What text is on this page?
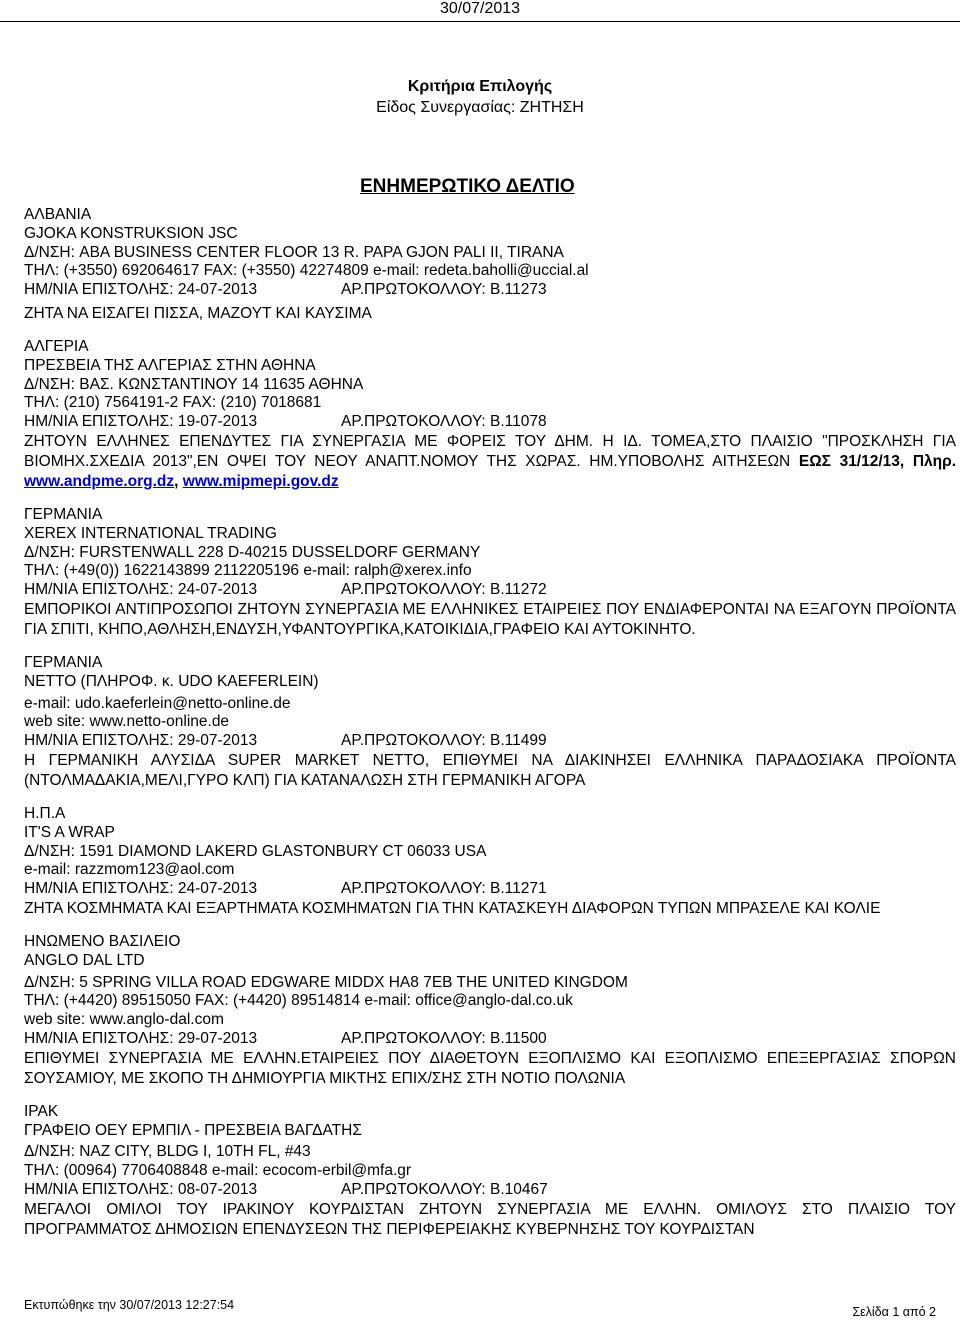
30/07/2013
Κριτήρια Επιλογής
Είδος Συνεργασίας: ΖΗΤΗΣΗ
ΕΝΗΜΕΡΩΤΙΚΟ ΔΕΛΤΙΟ
ΑΛΒΑΝΙΑ
GJOKA KONSTRUKSION JSC
Δ/ΝΣΗ: ABA BUSINESS CENTER FLOOR 13 R. PAPA GJON PALI II, TIRANA
ΤΗΛ: (+3550) 692064617 FAX: (+3550) 42274809 e-mail: redeta.baholli@uccial.al
ΗΜ/ΝΙΑ ΕΠΙΣΤΟΛΗΣ: 24-07-2013	ΑΡ.ΠΡΩΤΟΚΟΛΛΟΥ: Β.11273
ΖΗΤΑ ΝΑ ΕΙΣΑΓΕΙ ΠΙΣΣΑ, ΜΑΖΟΥΤ ΚΑΙ ΚΑΥΣΙΜΑ
ΑΛΓΕΡΙΑ
ΠΡΕΣΒΕΙΑ ΤΗΣ ΑΛΓΕΡΙΑΣ ΣΤΗΝ ΑΘΗΝΑ
Δ/ΝΣΗ: ΒΑΣ. ΚΩΝΣΤΑΝΤΙΝΟΥ 14 11635 ΑΘΗΝΑ
ΤΗΛ: (210) 7564191-2 FAX: (210) 7018681
ΗΜ/ΝΙΑ ΕΠΙΣΤΟΛΗΣ: 19-07-2013	ΑΡ.ΠΡΩΤΟΚΟΛΛΟΥ: Β.11078
ΖΗΤΟΥΝ ΕΛΛΗΝΕΣ ΕΠΕΝΔΥΤΕΣ ΓΙΑ ΣΥΝΕΡΓΑΣΙΑ ΜΕ ΦΟΡΕΙΣ ΤΟΥ ΔΗΜ. Η ΙΔ. ΤΟΜΕΑ,ΣΤΟ ΠΛΑΙΣΙΟ "ΠΡΟΣΚΛΗΣΗ ΓΙΑ ΒΙΟΜΗΧ.ΣΧΕΔΙΑ 2013",ΕΝ ΟΨΕΙ ΤΟΥ ΝΕΟΥ ΑΝΑΠΤ.ΝΟΜΟΥ ΤΗΣ ΧΩΡΑΣ. ΗΜ.ΥΠΟΒΟΛΗΣ ΑΙΤΗΣΕΩΝ ΕΩΣ 31/12/13, Πληρ. www.andpme.org.dz, www.mipmepi.gov.dz
ΓΕΡΜΑΝΙΑ
XEREX INTERNATIONAL TRADING
Δ/ΝΣΗ: FURSTENWALL 228 D-40215 DUSSELDORF GERMANY
ΤΗΛ: (+49(0)) 1622143899 2112205196 e-mail: ralph@xerex.info
ΗΜ/ΝΙΑ ΕΠΙΣΤΟΛΗΣ: 24-07-2013	ΑΡ.ΠΡΩΤΟΚΟΛΛΟΥ: Β.11272
ΕΜΠΟΡΙΚΟΙ ΑΝΤΙΠΡΟΣΩΠΟΙ ΖΗΤΟΥΝ ΣΥΝΕΡΓΑΣΙΑ ΜΕ ΕΛΛΗΝΙΚΕΣ ΕΤΑΙΡΕΙΕΣ ΠΟΥ ΕΝΔΙΑΦΕΡΟΝΤΑΙ ΝΑ ΕΞΑΓΟΥΝ ΠΡΟΪΟΝΤΑ ΓΙΑ ΣΠΙΤΙ, ΚΗΠΟ,ΑΘΛΗΣΗ,ΕΝΔΥΣΗ,ΥΦΑΝΤΟΥΡΓΙΚΑ,ΚΑΤΟΙΚΙΔΙΑ,ΓΡΑΦΕΙΟ ΚΑΙ ΑΥΤΟΚΙΝΗΤΟ.
ΓΕΡΜΑΝΙΑ
NETTO (ΠΛΗΡΟΦ. κ. UDO KAEFERLEIN)
e-mail: udo.kaeferlein@netto-online.de
web site: www.netto-online.de
ΗΜ/ΝΙΑ ΕΠΙΣΤΟΛΗΣ: 29-07-2013	ΑΡ.ΠΡΩΤΟΚΟΛΛΟΥ: Β.11499
Η ΓΕΡΜΑΝΙΚΗ ΑΛΥΣΙΔΑ SUPER MARKET NETTO, ΕΠΙΘΥΜΕΙ ΝΑ ΔΙΑΚΙΝΗΣΕΙ ΕΛΛΗΝΙΚΑ ΠΑΡΑΔΟΣΙΑΚΑ ΠΡΟΪΟΝΤΑ (ΝΤΟΛΜΑΔΑΚΙΑ,ΜΕΛΙ,ΓΥΡΟ ΚΛΠ) ΓΙΑ ΚΑΤΑΝΑΛΩΣΗ ΣΤΗ ΓΕΡΜΑΝΙΚΗ ΑΓΟΡΑ
Η.Π.Α
IT'S A WRAP
Δ/ΝΣΗ: 1591 DIAMOND LAKERD GLASTONBURY CT 06033 USA
e-mail: razzmom123@aol.com
ΗΜ/ΝΙΑ ΕΠΙΣΤΟΛΗΣ: 24-07-2013	ΑΡ.ΠΡΩΤΟΚΟΛΛΟΥ: Β.11271
ΖΗΤΑ ΚΟΣΜΗΜΑΤΑ ΚΑΙ ΕΞΑΡΤΗΜΑΤΑ ΚΟΣΜΗΜΑΤΩΝ ΓΙΑ ΤΗΝ ΚΑΤΑΣΚΕΥΗ ΔΙΑΦΟΡΩΝ ΤΥΠΩΝ ΜΠΡΑΣΕΛΕ ΚΑΙ ΚΟΛΙΕ
ΗΝΩΜΕΝΟ ΒΑΣΙΛΕΙΟ
ANGLO DAL LTD
Δ/ΝΣΗ: 5 SPRING VILLA ROAD EDGWARE MIDDX HA8 7EB THE UNITED KINGDOM
ΤΗΛ: (+4420) 89515050 FAX: (+4420) 89514814 e-mail: office@anglo-dal.co.uk
web site: www.anglo-dal.com
ΗΜ/ΝΙΑ ΕΠΙΣΤΟΛΗΣ: 29-07-2013	ΑΡ.ΠΡΩΤΟΚΟΛΛΟΥ: Β.11500
ΕΠΙΘΥΜΕΙ ΣΥΝΕΡΓΑΣΙΑ ΜΕ ΕΛΛΗΝ.ΕΤΑΙΡΕΙΕΣ ΠΟΥ ΔΙΑΘΕΤΟΥΝ ΕΞΟΠΛΙΣΜΟ ΚΑΙ ΕΞΟΠΛΙΣΜΟ ΕΠΕΞΕΡΓΑΣΙΑΣ ΣΠΟΡΩΝ ΣΟΥΣΑΜΙΟΥ, ΜΕ ΣΚΟΠΟ ΤΗ ΔΗΜΙΟΥΡΓΙΑ ΜΙΚΤΗΣ ΕΠΙΧ/ΣΗΣ ΣΤΗ ΝΟΤΙΟ ΠΟΛΩΝΙΑ
ΙΡΑΚ
ΓΡΑΦΕΙΟ ΟΕΥ ΕΡΜΠΙΛ - ΠΡΕΣΒΕΙΑ ΒΑΓΔΑΤΗΣ
Δ/ΝΣΗ: NAZ CITY, BLDG I, 10TH FL, #43
ΤΗΛ: (00964) 7706408848 e-mail: ecocom-erbil@mfa.gr
ΗΜ/ΝΙΑ ΕΠΙΣΤΟΛΗΣ: 08-07-2013	ΑΡ.ΠΡΩΤΟΚΟΛΛΟΥ: Β.10467
ΜΕΓΑΛΟΙ ΟΜΙΛΟΙ ΤΟΥ ΙΡΑΚΙΝΟΥ ΚΟΥΡΔΙΣΤΑΝ ΖΗΤΟΥΝ ΣΥΝΕΡΓΑΣΙΑ ΜΕ ΕΛΛΗΝ. ΟΜΙΛΟΥΣ ΣΤΟ ΠΛΑΙΣΙΟ ΤΟΥ ΠΡΟΓΡΑΜΜΑΤΟΣ ΔΗΜΟΣΙΩΝ ΕΠΕΝΔΥΣΕΩΝ ΤΗΣ ΠΕΡΙΦΕΡΕΙΑΚΗΣ ΚΥΒΕΡΝΗΣΗΣ ΤΟΥ ΚΟΥΡΔΙΣΤΑΝ
Εκτυπώθηκε την 30/07/2013 12:27:54	Σελίδα 1 από 2
